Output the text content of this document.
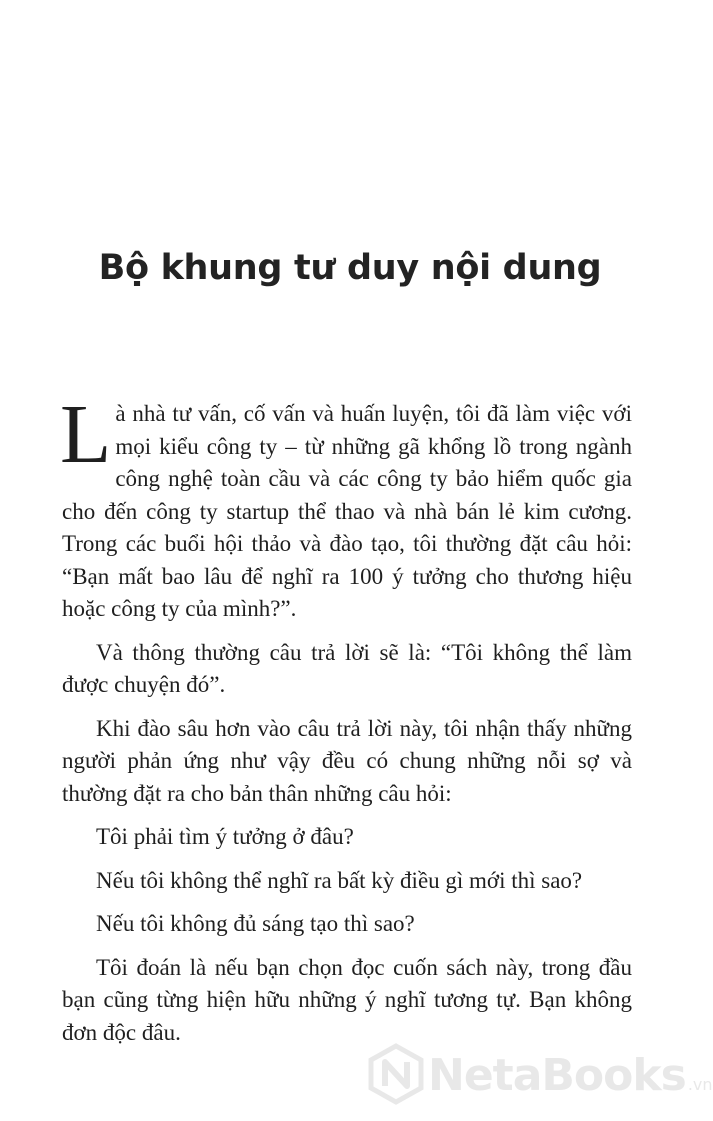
Bộ khung tư duy nội dung

Là nhà tư vấn, cố vấn và huấn luyện, tôi đã làm việc với mọi kiểu công ty – từ những gã khổng lồ trong ngành công nghệ toàn cầu và các công ty bảo hiểm quốc gia cho đến công ty startup thể thao và nhà bán lẻ kim cương. Trong các buổi hội thảo và đào tạo, tôi thường đặt câu hỏi: “Bạn mất bao lâu để nghĩ ra 100 ý tưởng cho thương hiệu hoặc công ty của mình?”.

Và thông thường câu trả lời sẽ là: “Tôi không thể làm được chuyện đó”.

Khi đào sâu hơn vào câu trả lời này, tôi nhận thấy những người phản ứng như vậy đều có chung những nỗi sợ và thường đặt ra cho bản thân những câu hỏi:

Tôi phải tìm ý tưởng ở đâu?

Nếu tôi không thể nghĩ ra bất kỳ điều gì mới thì sao?

Nếu tôi không đủ sáng tạo thì sao?

Tôi đoán là nếu bạn chọn đọc cuốn sách này, trong đầu bạn cũng từng hiện hữu những ý nghĩ tương tự. Bạn không đơn độc đâu.

NetaBooks .vn
